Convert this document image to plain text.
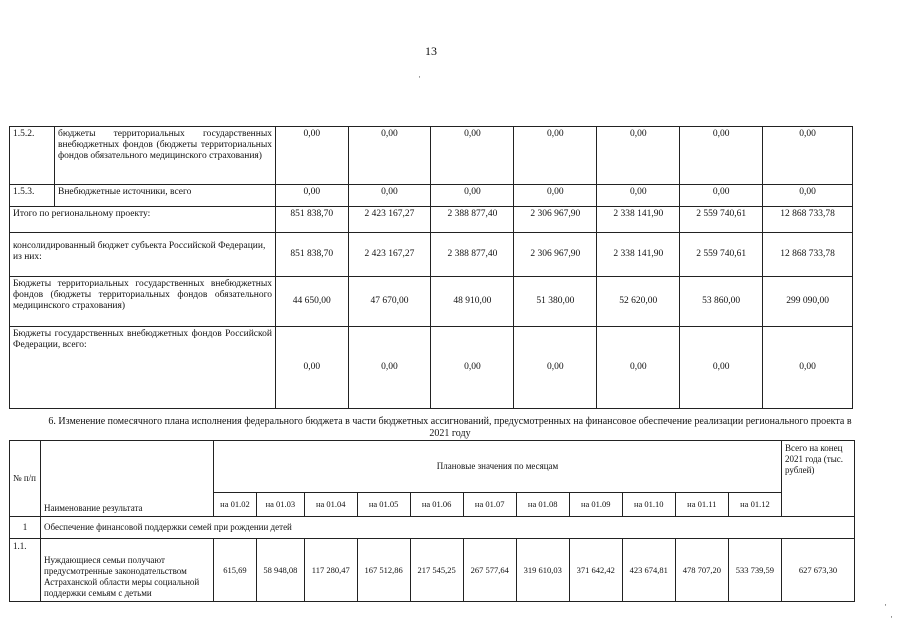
13
·
1.5.2.	бюджеты территориальных государственных внебюджетных фондов (бюджеты территориальных фондов обязательного медицинского страхования)	0,00	0,00	0,00	0,00	0,00	0,00	0,00
1.5.3.	Внебюджетные источники, всего	0,00	0,00	0,00	0,00	0,00	0,00	0,00
Итого по региональному проекту:		851 838,70	2 423 167,27	2 388 877,40	2 306 967,90	2 338 141,90	2 559 740,61	12 868 733,78
консолидированный бюджет субъекта Российской Федерации, из них:		851 838,70	2 423 167,27	2 388 877,40	2 306 967,90	2 338 141,90	2 559 740,61	12 868 733,78
Бюджеты территориальных государственных внебюджетных фондов (бюджеты территориальных фондов обязательного медицинского страхования)		44 650,00	47 670,00	48 910,00	51 380,00	52 620,00	53 860,00	299 090,00
Бюджеты государственных внебюджетных фондов Российской Федерации, всего:		0,00	0,00	0,00	0,00	0,00	0,00	0,00
6. Изменение помесячного плана исполнения федерального бюджета в части бюджетных ассигнований, предусмотренных на финансовое обеспечение реализации регионального проекта в 2021 году
№ п/п	Наименование результата	Плановые значения по месяцам											Всего на конец 2021 года (тыс. рублей)
		на 01.02	на 01.03	на 01.04	на 01.05	на 01.06	на 01.07	на 01.08	на 01.09	на 01.10	на 01.11	на 01.12	
1	Обеспечение финансовой поддержки семей при рождении детей												
1.1.	Нуждающиеся семьи получают предусмотренные законодательством Астраханской области меры социальной поддержки семьям с детьми	615,69	58 948,08	117 280,47	167 512,86	217 545,25	267 577,64	319 610,03	371 642,42	423 674,81	478 707,20	533 739,59	627 673,30
·
·
